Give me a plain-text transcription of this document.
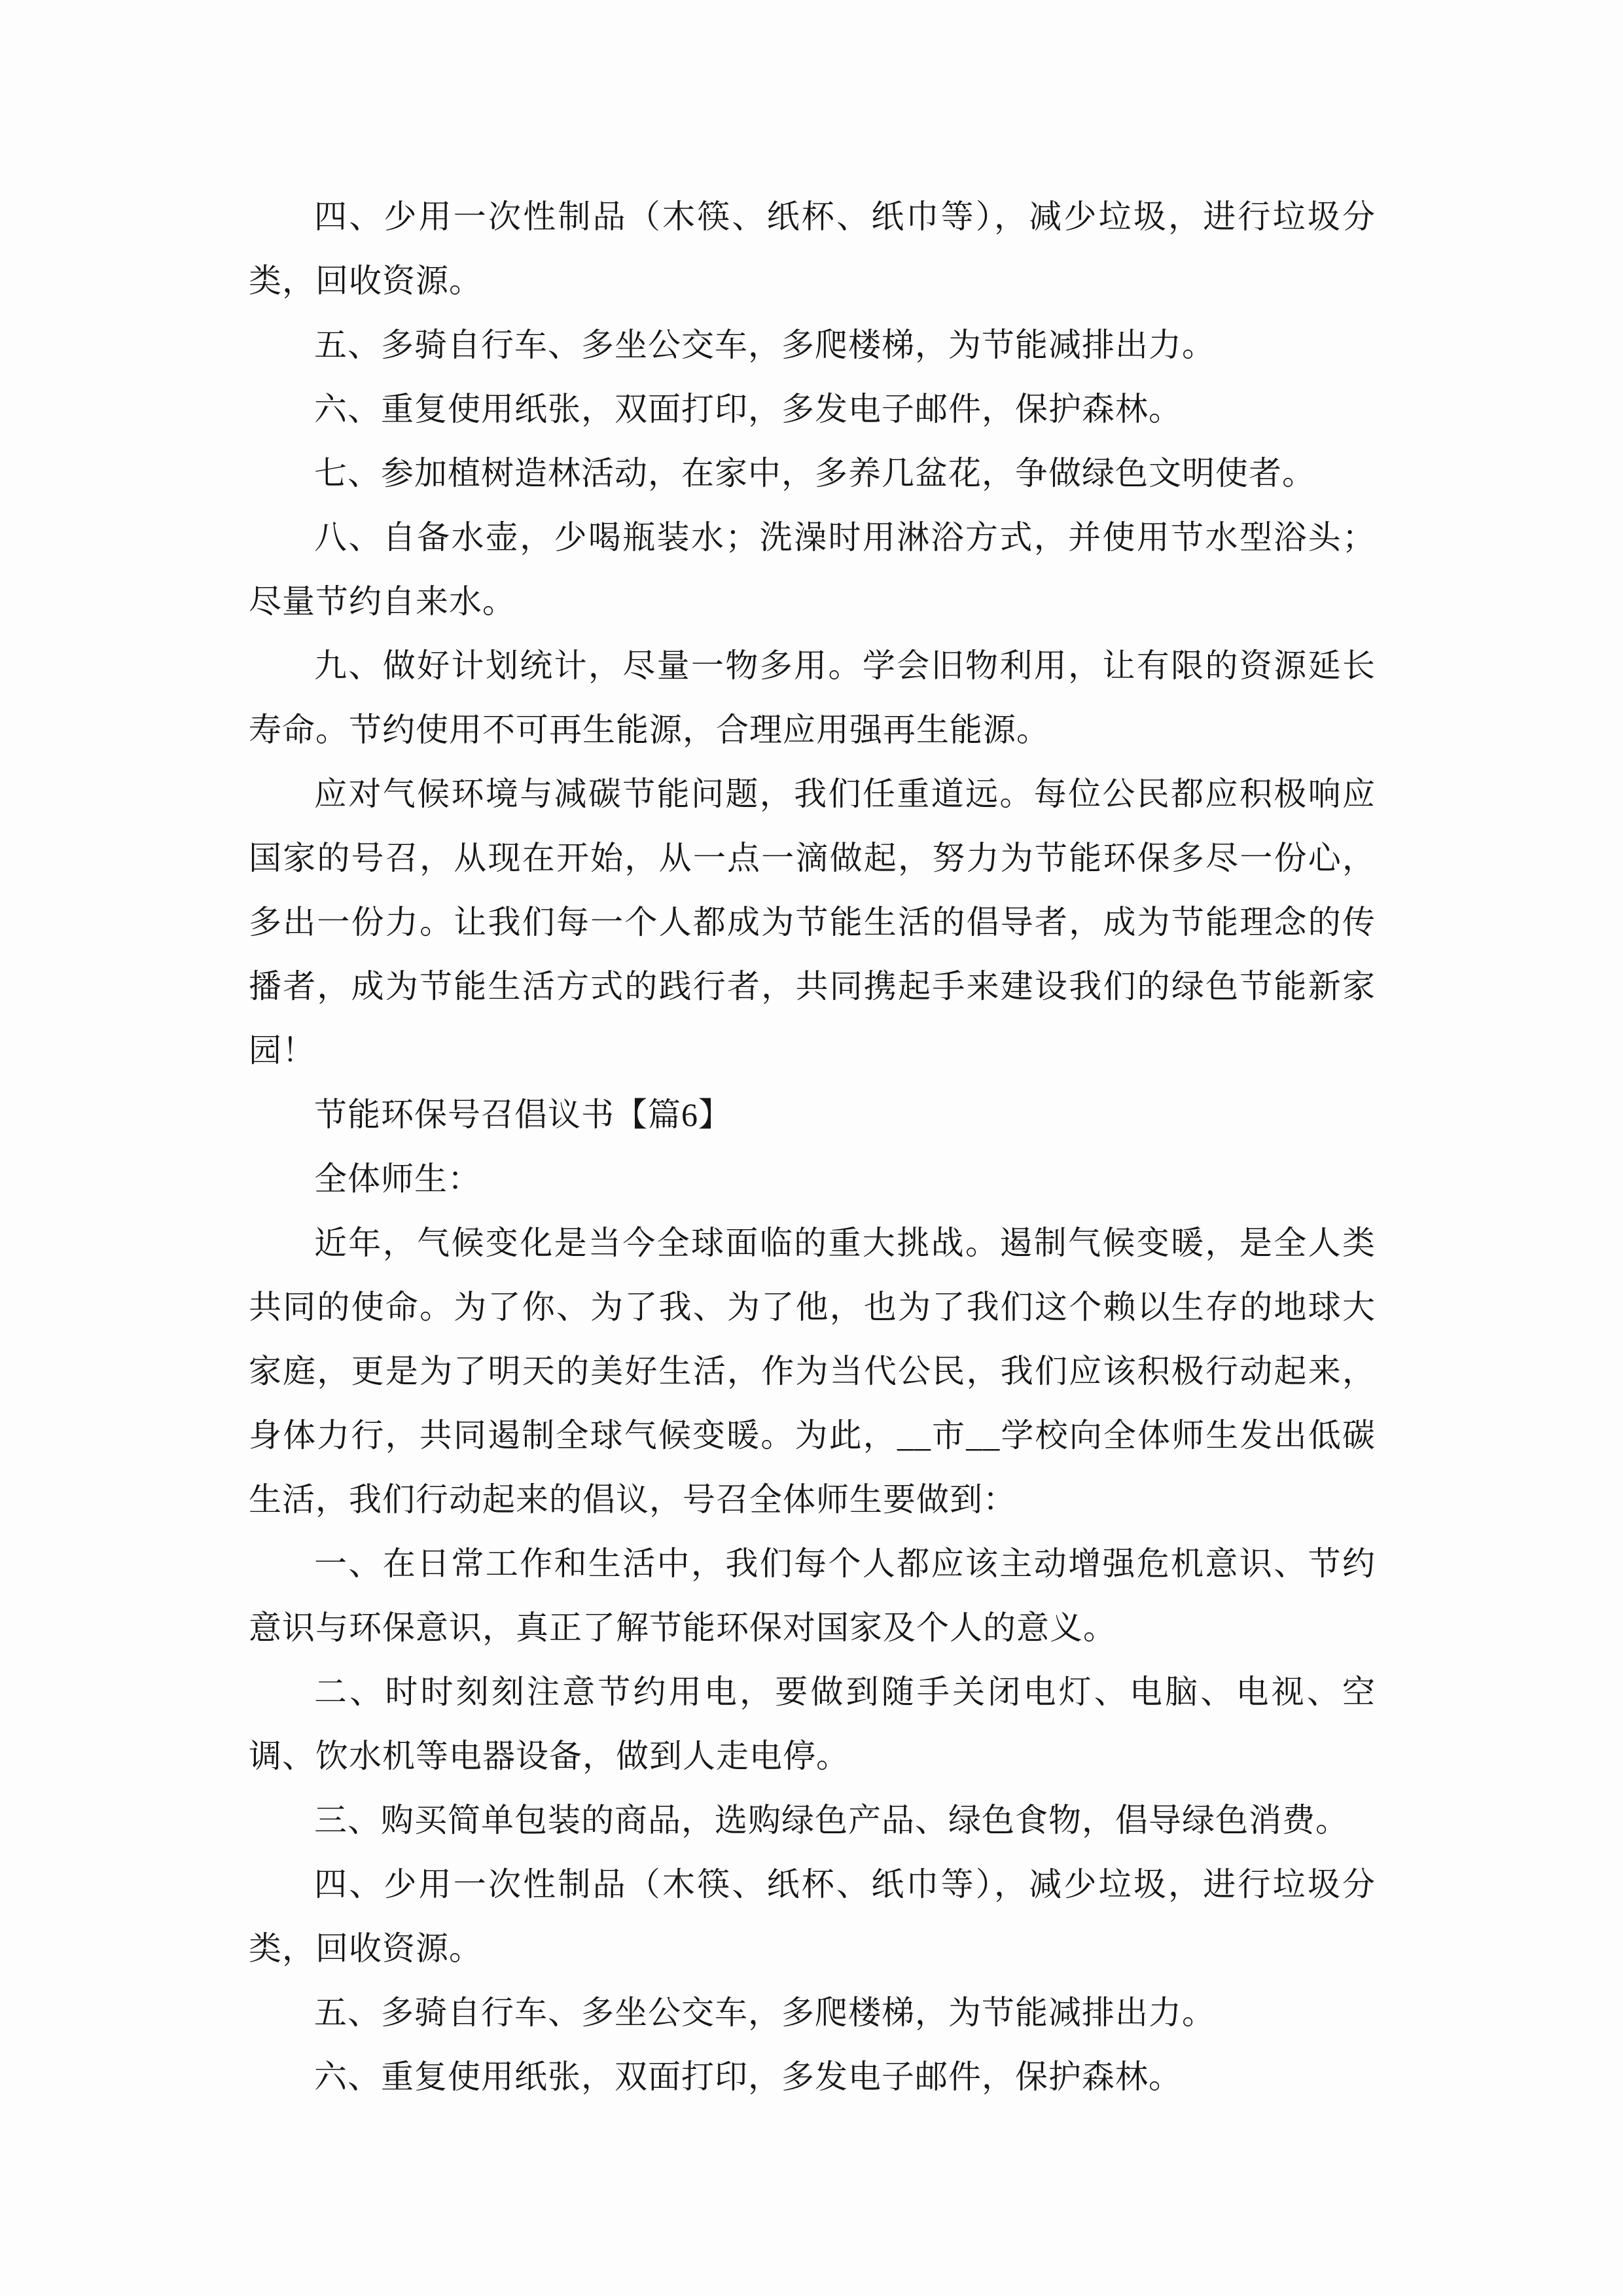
四、少用一次性制品（木筷、纸杯、纸巾等），减少垃圾，进行垃圾分类，回收资源。

五、多骑自行车、多坐公交车，多爬楼梯，为节能减排出力。

六、重复使用纸张，双面打印，多发电子邮件，保护森林。

七、参加植树造林活动，在家中，多养几盆花，争做绿色文明使者。

八、自备水壶，少喝瓶装水；洗澡时用淋浴方式，并使用节水型浴头；尽量节约自来水。

九、做好计划统计，尽量一物多用。学会旧物利用，让有限的资源延长寿命。节约使用不可再生能源，合理应用强再生能源。

应对气候环境与减碳节能问题，我们任重道远。每位公民都应积极响应国家的号召，从现在开始，从一点一滴做起，努力为节能环保多尽一份心，多出一份力。让我们每一个人都成为节能生活的倡导者，成为节能理念的传播者，成为节能生活方式的践行者，共同携起手来建设我们的绿色节能新家园！

节能环保号召倡议书【篇6】

全体师生：

近年，气候变化是当今全球面临的重大挑战。遏制气候变暖，是全人类共同的使命。为了你、为了我、为了他，也为了我们这个赖以生存的地球大家庭，更是为了明天的美好生活，作为当代公民，我们应该积极行动起来，身体力行，共同遏制全球气候变暖。为此，__市__学校向全体师生发出低碳生活，我们行动起来的倡议，号召全体师生要做到：

一、在日常工作和生活中，我们每个人都应该主动增强危机意识、节约意识与环保意识，真正了解节能环保对国家及个人的意义。

二、时时刻刻注意节约用电，要做到随手关闭电灯、电脑、电视、空调、饮水机等电器设备，做到人走电停。

三、购买简单包装的商品，选购绿色产品、绿色食物，倡导绿色消费。

四、少用一次性制品（木筷、纸杯、纸巾等），减少垃圾，进行垃圾分类，回收资源。

五、多骑自行车、多坐公交车，多爬楼梯，为节能减排出力。

六、重复使用纸张，双面打印，多发电子邮件，保护森林。
